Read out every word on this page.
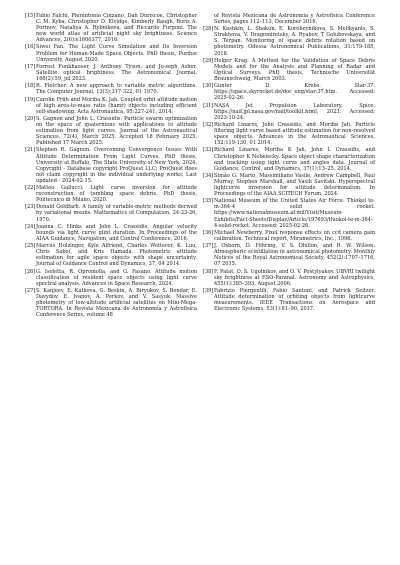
[15] Fabio Falchi, Pierantonio Cinzano, Dan Duriscoe, Christopher C. M. Kyba, Christopher D. Elvidge, Kimberly Baugh, Boris A. Portnov, Nataliya A. Rybnikova, and Riccardo Furgoni. The new world atlas of artificial night sky brightness. Science Advances, 2(6):e1600377, 2016.
[16] Siwei Fan. The Light Curve Simulation and Its Inversion Problem for Human-Made Space Objects. PhD thesis, Purdue University, August 2020.
[17] Forrest Funkhauser, J. Anthony Tyson, and Jo-seph Asher. Satellite optical brightness. The Astronomical Journal, 166(2):59, jul 2023.
[18] R. Fletcher. A new approach to variable metric algorithms. The Computer Journal, 13(3):317-322, 01 1970.
[19] Carolin Früh and Moriba K. Jah. Coupled orbit attitude motion of high area-to-mass ratio (hamr) objects including efficient self-shadowing. Acta Astronautica, 95:227-241, 2014.
[20] S. Gagnon and John L. Crassidis. Particle swarm optimization on the space of quaternions with applications to attitude estimation from light curves. Journal of the Astronautical Sciences, 72(4), March 2025. Accepted 18 February 2025, Published 17 March 2025.
[21] Stephen R. Gagnon. Overcoming Convergence Issues With Attitude Determination From Light Curves. PhD thesis, University at Buffalo, The State University of New York, 2024. Copyright - Database copyright ProQuest LLC; ProQuest does not claim copyright in the individual underlying works; Last updated - 2024-02-15.
[22] Matteo Gallucci. Light curve inversion for attitude reconstruction of tumbling space debris. PhD thesis, Politecnico di Milano, 2020.
[23] Donald Goldfarb. A family of variable-metric methods derived by variational means. Mathematics of Computation, 24:23-26, 1970.
[24] Joanna C. Hinks and John L. Crassidis. Angular velocity bounds via light curve glint duration. In Proceedings of the AIAA Guidance, Navigation, and Control Conference, 2016.
[25] Marcus Holzinger, Kyle Alfriend, Charles Wetterer, K. Luu, Chris Sabol, and Kris Hamada. Photometric attitude estimation for agile space objects with shape uncertainty. Journal of Guidance Control and Dynamics, 37, 04 2014.
[26] G. Isoletta, R. Opromolla, and G. Fasano. Attitude motion classification of resident space objects using light curve spectral analysis. Advances in Space Research, 2024.
[27] S. Kanjeev, E. Katkova, G. Beskin, A. Biryukov, S. Bondar, E. Davydov, E. Ivanov, A. Perkov, and V. Sasyuk. Massive photometry of low-altitude artificial satellites on Mini-Mega-TORTORA. In Revista Mexicana de Astronomía y Astrofísica Conference Series, volume 48
of Revista Mexicana de Astronomia y Astrofisica Conference Series, pages 112–113, December 2016.
[28] N. Koshkin, L. Shakun, E. Korobeynikova, S. Melikyants, S. Strakhova, V. Dragomiretsky, A. Ryabov, T Golubovskaya, and S. Terpan. Monitoring of space debris rotation based on photometry. Odessa Astronomical Publications, 31:179-185, 2018.
[29] Holger Krag. A Method for the Validation of Space Debris Models and for the Analysis and Planning of Radar and Optical Surveys. PhD thesis, Technische Universität Braunschweig, March 2003.
[30] Gunter D. Krebs. Star-37. https://space.skyrocket.de/doc_eng/star-37.htm. Accessed: 2025-02-26.
[31] NASA Jet Propulsion Laboratory. Spice. https://naif.jpl.nasa.gov/naif/toolkit.html, 2023. Accessed: 2023-10-24.
[32] Richard Linares, John Crassidis, and Moriba Jah. Particle filtering light curve based attitude estimation for non-resolved space objects. Advances in the Astronautical Sciences, 152:119-130, 01 2014.
[33] Richard Linares, Moriba K Jah, John L Crassidis, and Christopher K Nebelecky. Space object shape characterization and tracking using light curve and angles data. Journal of Guidance, Control, and Dynamics, 37(1):13–25, 2014.
[34] Simão G. Marto, Massimiliano Vasile, Andrew Campbell, Paul Murray, Stephen Marshall, and Vasili Savitski. Hyperspectral lightcurve inversion for attitude determination. In Proceedings of the AIAA SCITECH Forum, 2024.
[35] National Museum of the United States Air Force. Thiokol te-m-364-4 solid rocket. https://www.nationalmuseum.af.mil/Visit/Museum-Exhibits/Fact-Sheets/Display/Article/197693/thiokol-te-m-364-4-solid-rocket. Accessed: 2025-02-26.
[36] Michael Newberry. Pixel response effects on ccd camera gain calibration. Technical report, Mirametrics, Inc., 1996.
[37] J. Osborn, D. Föhring, V. S. Dhillon, and R. W. Wilson. Atmospheric scintillation in astronomical photometry. Monthly Notices of the Royal Astronomical Society, 452(2):1707–1716, 07 2015.
[38] F. Patat, O. S. Ugolnikov, and O. V. Postylyakov. UBVRI twilight sky brightness at ESO-Paranal. Astronomy and Astrophysics, 455(1):385–393, August 2006.
[39] Fabrizio Piergentili, Fabio Santoni, and Patrick Seitzer. Attitude determination of orbiting objects from lightcurve measurements. IEEE Transactions on Aerospace and Electronic Systems, 53(1):81–90, 2017.
